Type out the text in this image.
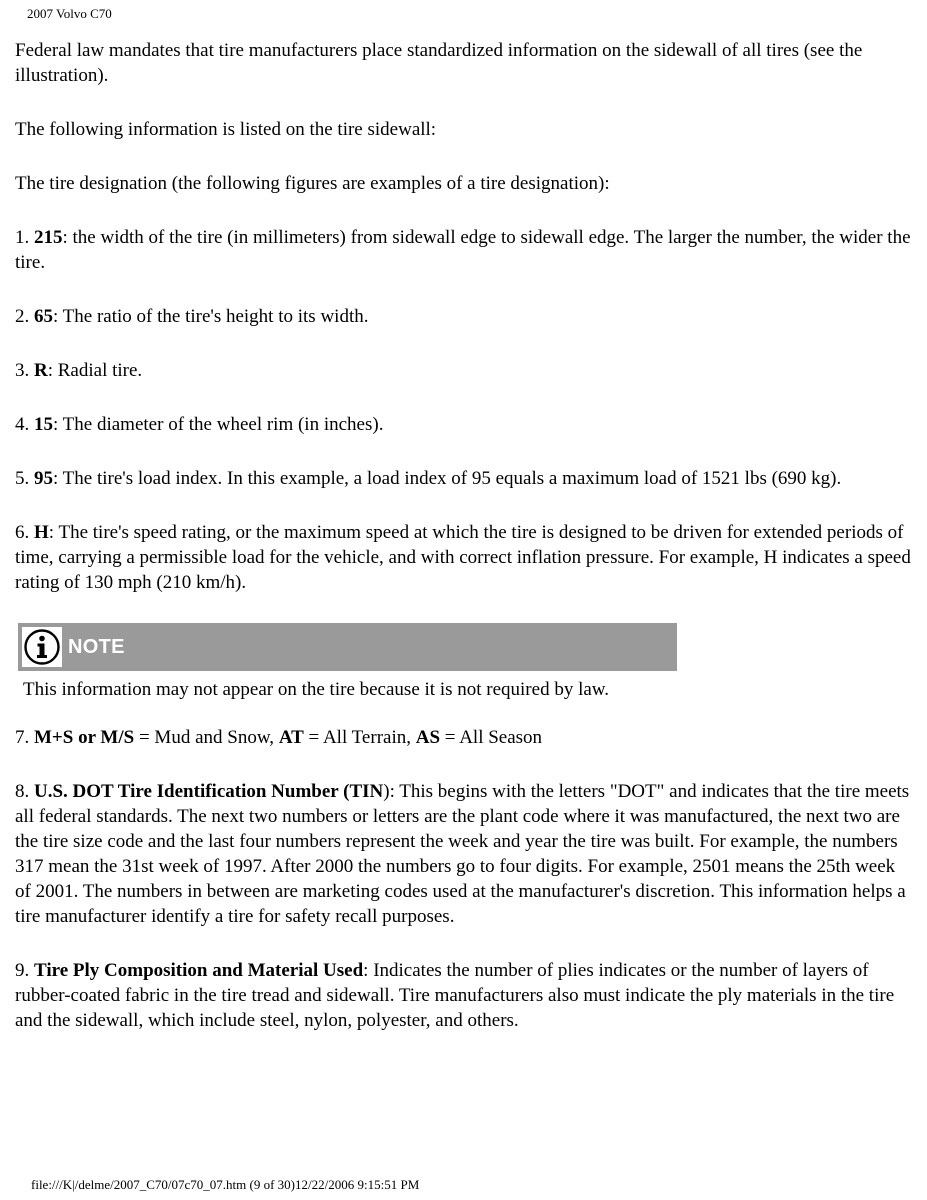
2007 Volvo C70

Federal law mandates that tire manufacturers place standardized information on the sidewall of all tires (see the illustration).

The following information is listed on the tire sidewall:

The tire designation (the following figures are examples of a tire designation):

1. 215: the width of the tire (in millimeters) from sidewall edge to sidewall edge. The larger the number, the wider the tire.

2. 65: The ratio of the tire's height to its width.

3. R: Radial tire.

4. 15: The diameter of the wheel rim (in inches).

5. 95: The tire's load index. In this example, a load index of 95 equals a maximum load of 1521 lbs (690 kg).

6. H: The tire's speed rating, or the maximum speed at which the tire is designed to be driven for extended periods of time, carrying a permissible load for the vehicle, and with correct inflation pressure. For example, H indicates a speed rating of 130 mph (210 km/h).

NOTE
This information may not appear on the tire because it is not required by law.

7. M+S or M/S = Mud and Snow, AT = All Terrain, AS = All Season

8. U.S. DOT Tire Identification Number (TIN): This begins with the letters "DOT" and indicates that the tire meets all federal standards. The next two numbers or letters are the plant code where it was manufactured, the next two are the tire size code and the last four numbers represent the week and year the tire was built. For example, the numbers 317 mean the 31st week of 1997. After 2000 the numbers go to four digits. For example, 2501 means the 25th week of 2001. The numbers in between are marketing codes used at the manufacturer's discretion. This information helps a tire manufacturer identify a tire for safety recall purposes.

9. Tire Ply Composition and Material Used: Indicates the number of plies indicates or the number of layers of rubber-coated fabric in the tire tread and sidewall. Tire manufacturers also must indicate the ply materials in the tire and the sidewall, which include steel, nylon, polyester, and others.

file:///K|/delme/2007_C70/07c70_07.htm (9 of 30)12/22/2006 9:15:51 PM
